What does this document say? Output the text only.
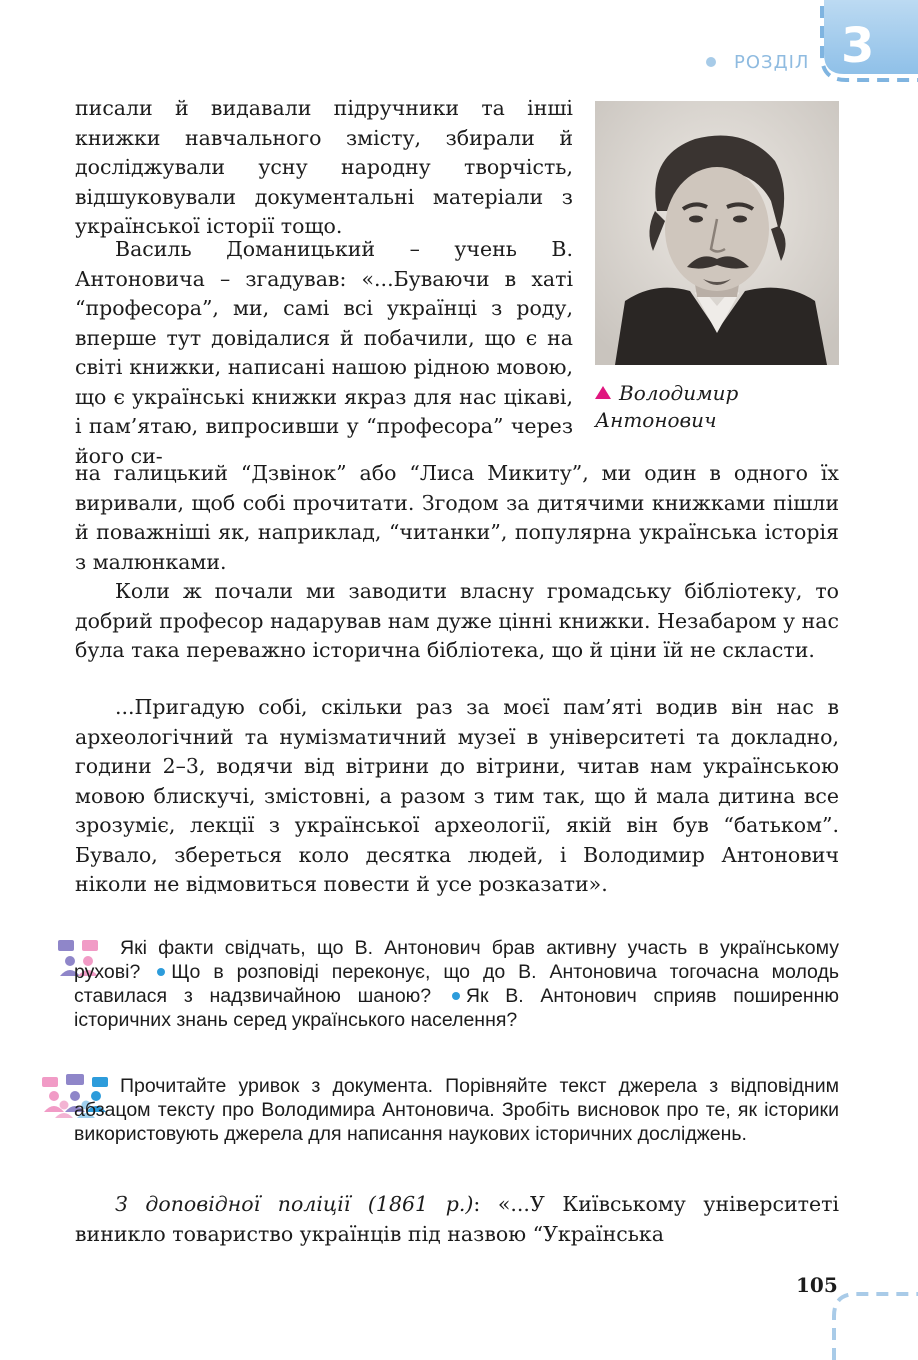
РОЗДІЛ 3

писали й видавали підручники та інші книжки навчального змісту, збирали й досліджували усну народну творчість, відшуковували документальні матеріали з української історії тощо.

Василь Доманицький – учень В. Антоновича – згадував: «...Буваючи в хаті “професора”, ми, самі всі українці з роду, вперше тут довідалися й побачили, що є на світі книжки, написані нашою рідною мовою, що є українські книжки якраз для нас цікаві, і пам’ятаю, випросивши у “професора” через його си-

на галицький “Дзвінок” або “Лиса Микиту”, ми один в одного їх виривали, щоб собі прочитати. Згодом за дитячими книжками пішли й поважніші як, наприклад, “читанки”, популярна українська історія з малюнками.

Коли ж почали ми заводити власну громадську бібліотеку, то добрий професор надарував нам дуже цінні книжки. Незабаром у нас була така переважно історична бібліотека, що й ціни їй не скласти.

...Пригадую собі, скільки раз за моєї пам’яті водив він нас в археологічний та нумізматичний музеї в університеті та докладно, години 2–3, водячи від вітрини до вітрини, читав нам українською мовою блискучі, змістовні, а разом з тим так, що й мала дитина все зрозуміє, лекції з української археології, якій він був “батьком”. Бувало, збереться коло десятка людей, і Володимир Антонович ніколи не відмовиться повести й усе розказати».

Володимир Антонович

Які факти свідчать, що В. Антонович брав активну участь в українському рухові? Що в розповіді переконує, що до В. Антоновича тогочасна молодь ставилася з надзвичайною шаною? Як В. Антонович сприяв поширенню історичних знань серед українського населення?

Прочитайте уривок з документа. Порівняйте текст джерела з відповідним абзацом тексту про Володимира Антоновича. Зробіть висновок про те, як історики використовують джерела для написання наукових історичних досліджень.

З доповідної поліції (1861 р.): «...У Київському університеті виникло товариство українців під назвою “Українська

105
